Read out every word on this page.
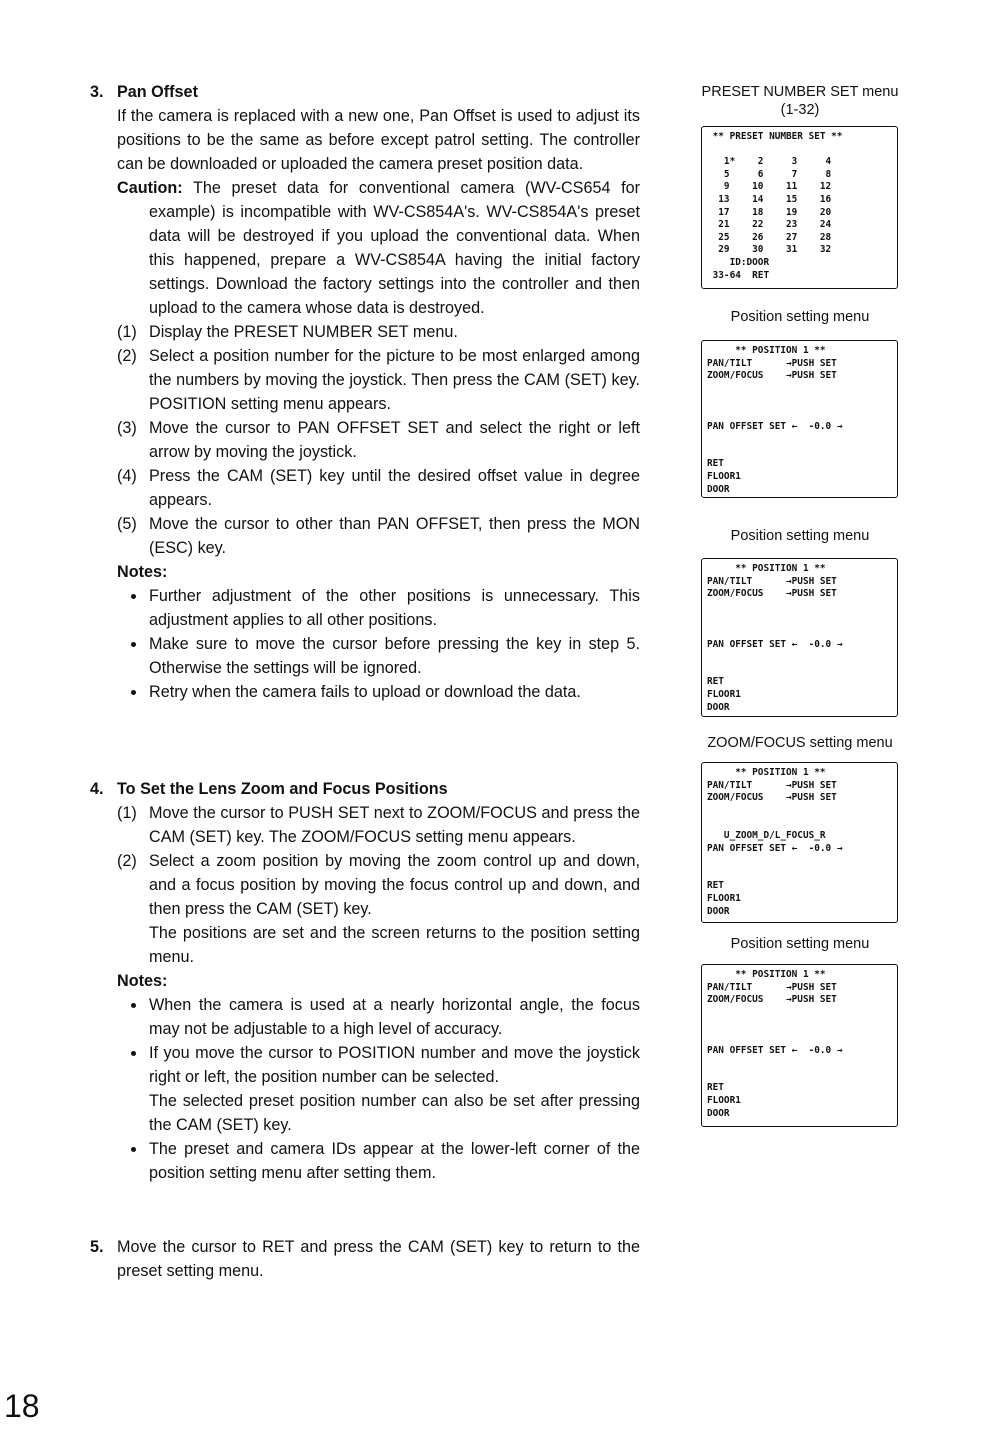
3. Pan Offset
If the camera is replaced with a new one, Pan Offset is used to adjust its positions to be the same as before except patrol setting. The controller can be downloaded or uploaded the camera preset position data.
Caution: The preset data for conventional camera (WV-CS654 for example) is incompatible with WV-CS854A's. WV-CS854A's preset data will be destroyed if you upload the conventional data. When this happened, prepare a WV-CS854A having the initial factory settings. Download the factory settings into the controller and then upload to the camera whose data is destroyed.
(1) Display the PRESET NUMBER SET menu.
(2) Select a position number for the picture to be most enlarged among the numbers by moving the joystick. Then press the CAM (SET) key. POSITION setting menu appears.
(3) Move the cursor to PAN OFFSET SET and select the right or left arrow by moving the joystick.
(4) Press the CAM (SET) key until the desired offset value in degree appears.
(5) Move the cursor to other than PAN OFFSET, then press the MON (ESC) key.
Notes:
Further adjustment of the other positions is unnecessary. This adjustment applies to all other positions.
Make sure to move the cursor before pressing the key in step 5. Otherwise the settings will be ignored.
Retry when the camera fails to upload or download the data.
4. To Set the Lens Zoom and Focus Positions
(1) Move the cursor to PUSH SET next to ZOOM/FOCUS and press the CAM (SET) key. The ZOOM/FOCUS setting menu appears.
(2) Select a zoom position by moving the zoom control up and down, and a focus position by moving the focus control up and down, and then press the CAM (SET) key.
The positions are set and the screen returns to the position setting menu.
Notes:
When the camera is used at a nearly horizontal angle, the focus may not be adjustable to a high level of accuracy.
If you move the cursor to POSITION number and move the joystick right or left, the position number can be selected.
The selected preset position number can also be set after pressing the CAM (SET) key.
The preset and camera IDs appear at the lower-left corner of the position setting menu after setting them.
5. Move the cursor to RET and press the CAM (SET) key to return to the preset setting menu.
18
PRESET NUMBER SET menu
(1-32)
Position setting menu
Position setting menu
ZOOM/FOCUS setting menu
Position setting menu
** PRESET NUMBER SET **
1*    2     3     4
5     6     7     8
9    10    11    12
13    14    15    16
17    18    19    20
21    22    23    24
25    26    27    28
29    30    31    32
ID:DOOR
33-64  RET
** POSITION 1 **
PAN/TILT      →PUSH SET
ZOOM/FOCUS    →PUSH SET
PAN OFFSET SET ←  -0.0 →
RET
FLOOR1
DOOR
** POSITION 1 **
PAN/TILT      →PUSH SET
ZOOM/FOCUS    →PUSH SET
PAN OFFSET SET ←  -0.0 →
RET
FLOOR1
DOOR
** POSITION 1 **
PAN/TILT      →PUSH SET
ZOOM/FOCUS    →PUSH SET
U_ZOOM_D/L_FOCUS_R
PAN OFFSET SET ←  -0.0 →
RET
FLOOR1
DOOR
** POSITION 1 **
PAN/TILT      →PUSH SET
ZOOM/FOCUS    →PUSH SET
PAN OFFSET SET ←  -0.0 →
RET
FLOOR1
DOOR
